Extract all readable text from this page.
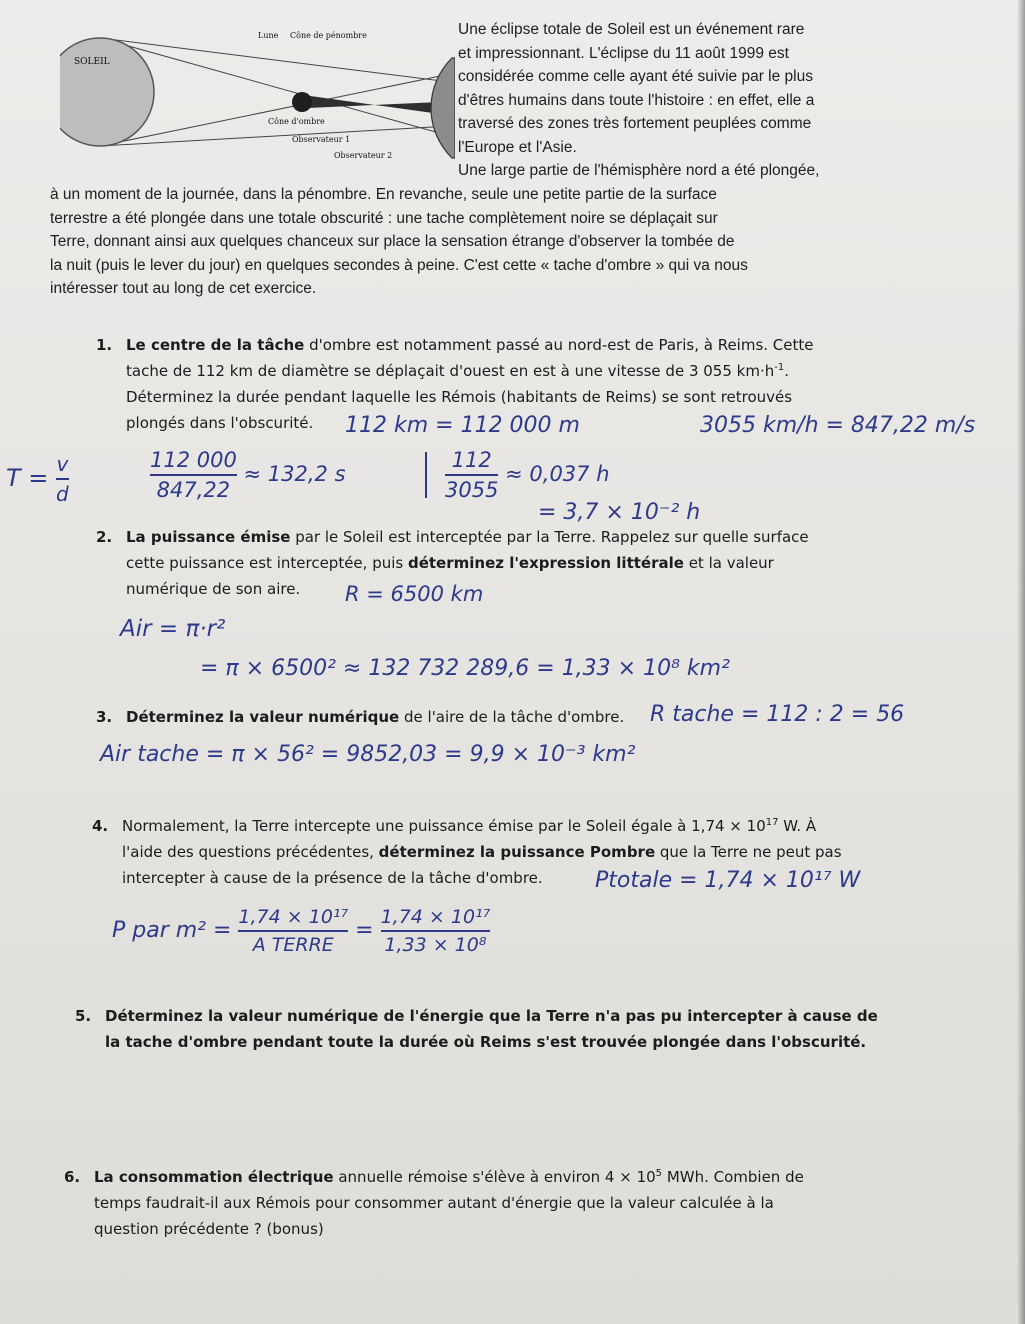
SOLEIL
Lune Cône de pénombre
Cône d'ombre
Observateur 1
Observateur 2
Une éclipse totale de Soleil est un événement rare
et impressionnant. L'éclipse du 11 août 1999 est
considérée comme celle ayant été suivie par le plus
d'êtres humains dans toute l'histoire : en effet, elle a
traversé des zones très fortement peuplées comme
l'Europe et l'Asie.
Une large partie de l'hémisphère nord a été plongée,
à un moment de la journée, dans la pénombre. En revanche, seule une petite partie de la surface
terrestre a été plongée dans une totale obscurité : une tache complètement noire se déplaçait sur
Terre, donnant ainsi aux quelques chanceux sur place la sensation étrange d'observer la tombée de
la nuit (puis le lever du jour) en quelques secondes à peine. C'est cette « tache d'ombre » qui va nous
intéresser tout au long de cet exercice.
1. Le centre de la tâche d'ombre est notamment passé au nord-est de Paris, à Reims. Cette
tache de 112 km de diamètre se déplaçait d'ouest en est à une vitesse de 3 055 $km\cdot h^{-1}$.
Déterminez la durée pendant laquelle les Rémois (habitants de Reims) se sont retrouvés
plongés dans l'obscurité.	112 km = 112 000 m	3055 km/h = 847,22 m/s
$T = \frac{v}{d}$	$\frac{112 000}{847,22} \approx 132,2$ s	$\frac{112}{3055} \approx 0,037$ h
= 3,7 × 10⁻² h
2. La puissance émise par le Soleil est interceptée par la Terre. Rappelez sur quelle surface
cette puissance est interceptée, puis déterminez l'expression littérale et la valeur
numérique de son aire.	R = 6500 km
Air = π·r²
= π × 6500² ≈ 132 732 289,6 = 1,33 × 10⁸ km²
3. Déterminez la valeur numérique de l'aire de la tâche d'ombre.	R tache = 112 : 2 = 56
Air tache = π × 56² = 9852,03 = 9,9 × 10⁻³ km²
4. Normalement, la Terre intercepte une puissance émise par le Soleil égale à $1,74 \times 10^{17}$ W. À
l'aide des questions précédentes, déterminez la puissance Pombre que la Terre ne peut pas
intercepter à cause de la présence de la tâche d'ombre.	Ptotale = 1,74 × 10¹⁷ W
P par $m^2 = \frac{\text{1,74 × 10¹⁷}}{\text{A TERRE}} = \frac{\text{1,74 × 10¹⁷}}{\text{1,33 × 10⁸}}$
5. Déterminez la valeur numérique de l'énergie que la Terre n'a pas pu intercepter à cause de
la tache d'ombre pendant toute la durée où Reims s'est trouvée plongée dans l'obscurité.
6. La consommation électrique annuelle rémoise s'élève à environ $4 \times 10^5$ MWh. Combien de
temps faudrait-il aux Rémois pour consommer autant d'énergie que la valeur calculée à la
question précédente ? (bonus)
